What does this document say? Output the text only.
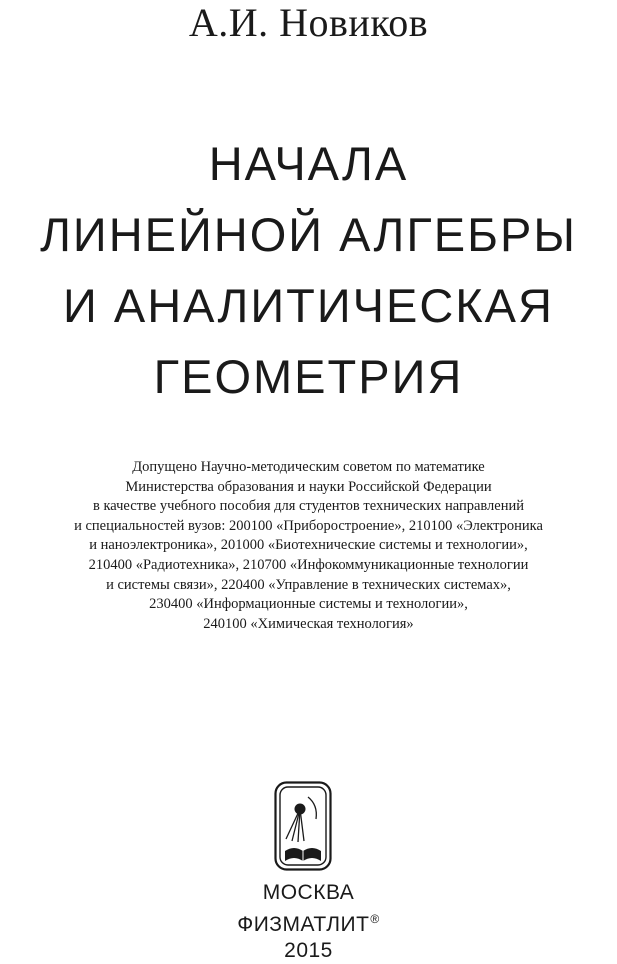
А.И. Новиков
НАЧАЛА
ЛИНЕЙНОЙ АЛГЕБРЫ
И АНАЛИТИЧЕСКАЯ
ГЕОМЕТРИЯ
Допущено Научно-методическим советом по математике
Министерства образования и науки Российской Федерации
в качестве учебного пособия для студентов технических направлений
и специальностей вузов: 200100 «Приборостроение», 210100 «Электроника
и наноэлектроника», 201000 «Биотехнические системы и технологии»,
210400 «Радиотехника», 210700 «Инфокоммуникационные технологии
и системы связи», 220400 «Управление в технических системах»,
230400 «Информационные системы и технологии»,
240100 «Химическая технология»
МОСКВА
ФИЗМАТЛИТ®
2015
